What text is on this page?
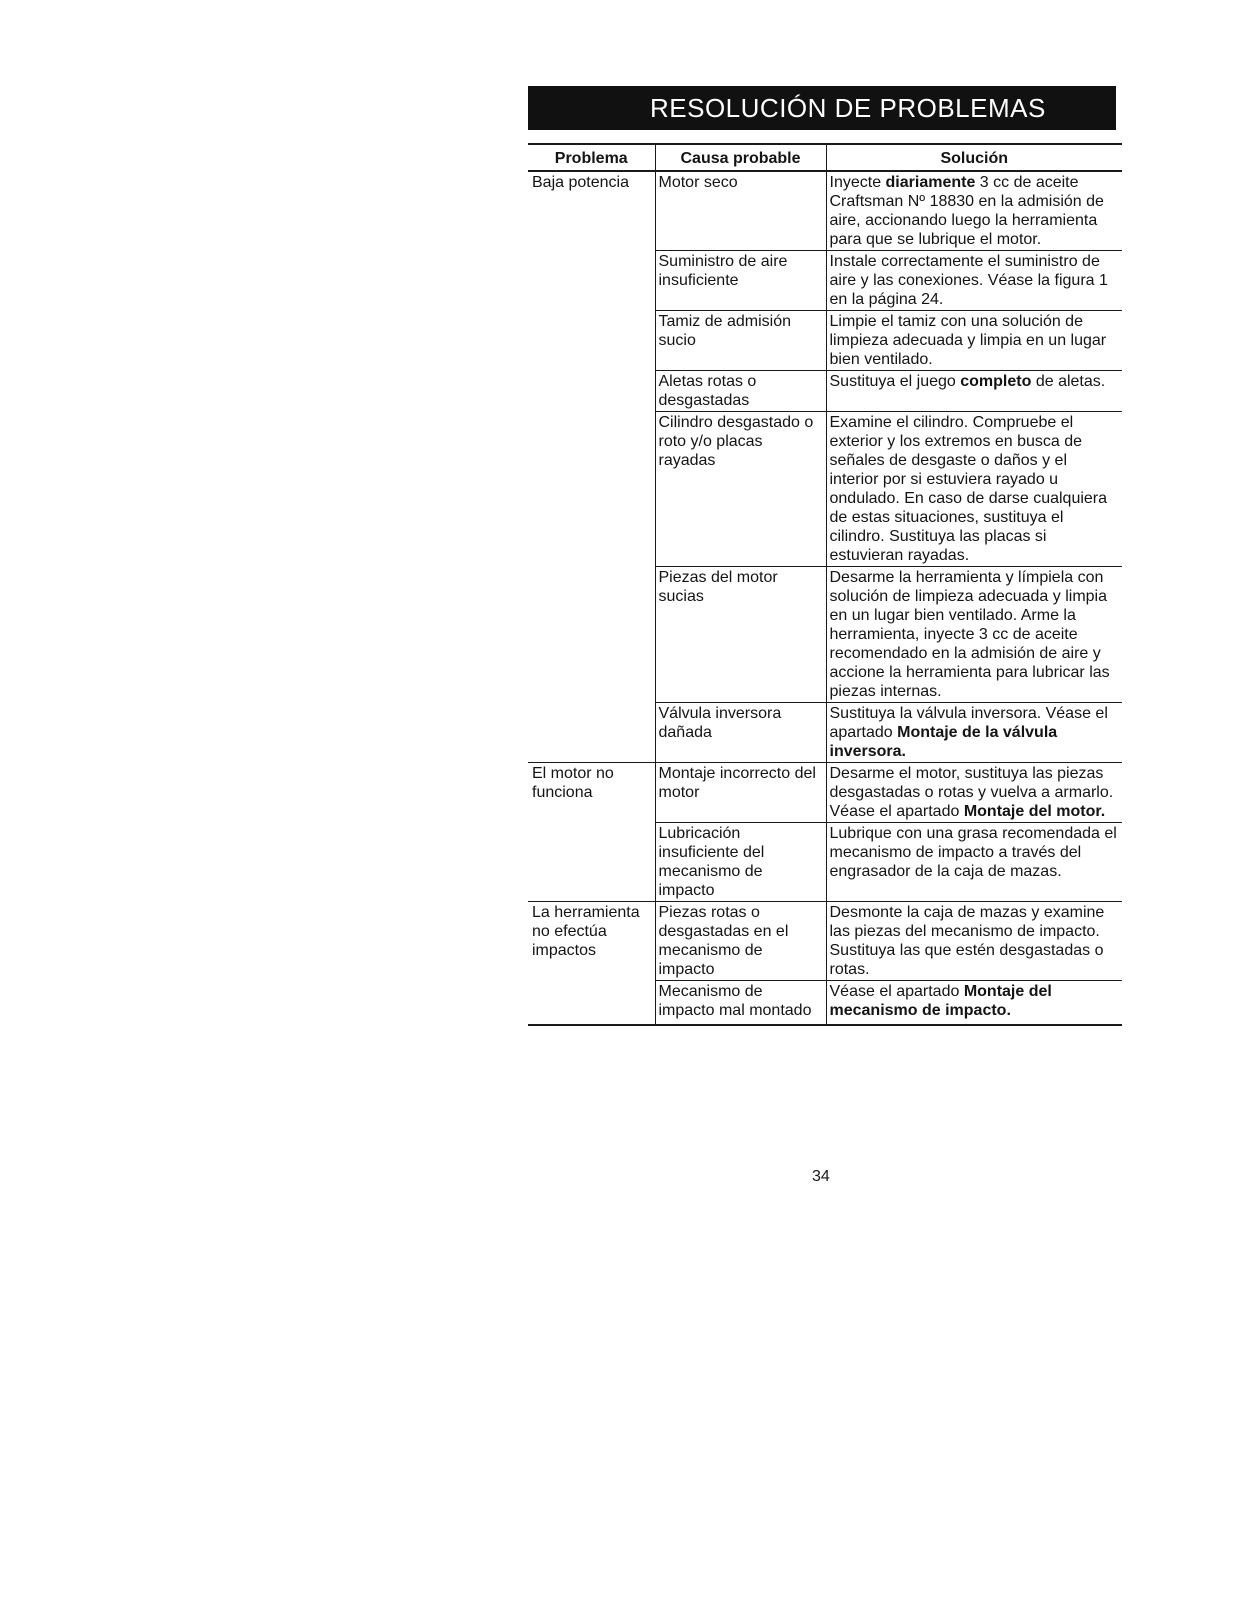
RESOLUCIÓN DE PROBLEMAS
Problema	Causa probable	Solución
Baja potencia	Motor seco	Inyecte diariamente 3 cc de aceite Craftsman Nº 18830 en la admisión de aire, accionando luego la herramienta para que se lubrique el motor.
	Suministro de aire insuficiente	Instale correctamente el suministro de aire y las conexiones. Véase la figura 1 en la página 24.
	Tamiz de admisión sucio	Limpie el tamiz con una solución de limpieza adecuada y limpia en un lugar bien ventilado.
	Aletas rotas o desgastadas	Sustituya el juego completo de aletas.
	Cilindro desgastado o roto y/o placas rayadas	Examine el cilindro. Compruebe el exterior y los extremos en busca de señales de desgaste o daños y el interior por si estuviera rayado u ondulado. En caso de darse cualquiera de estas situaciones, sustituya el cilindro. Sustituya las placas si estuvieran rayadas.
	Piezas del motor sucias	Desarme la herramienta y límpiela con solución de limpieza adecuada y limpia en un lugar bien ventilado. Arme la herramienta, inyecte 3 cc de aceite recomendado en la admisión de aire y accione la herramienta para lubricar las piezas internas.
	Válvula inversora dañada	Sustituya la válvula inversora. Véase el apartado Montaje de la válvula inversora.
El motor no funciona	Montaje incorrecto del motor	Desarme el motor, sustituya las piezas desgastadas o rotas y vuelva a armarlo. Véase el apartado Montaje del motor.
	Lubricación insuficiente del mecanismo de impacto	Lubrique con una grasa recomendada el mecanismo de impacto a través del engrasador de la caja de mazas.
La herramienta no efectúa impactos	Piezas rotas o desgastadas en el mecanismo de impacto	Desmonte la caja de mazas y examine las piezas del mecanismo de impacto. Sustituya las que estén desgastadas o rotas.
	Mecanismo de impacto mal montado	Véase el apartado Montaje del mecanismo de impacto.
34
